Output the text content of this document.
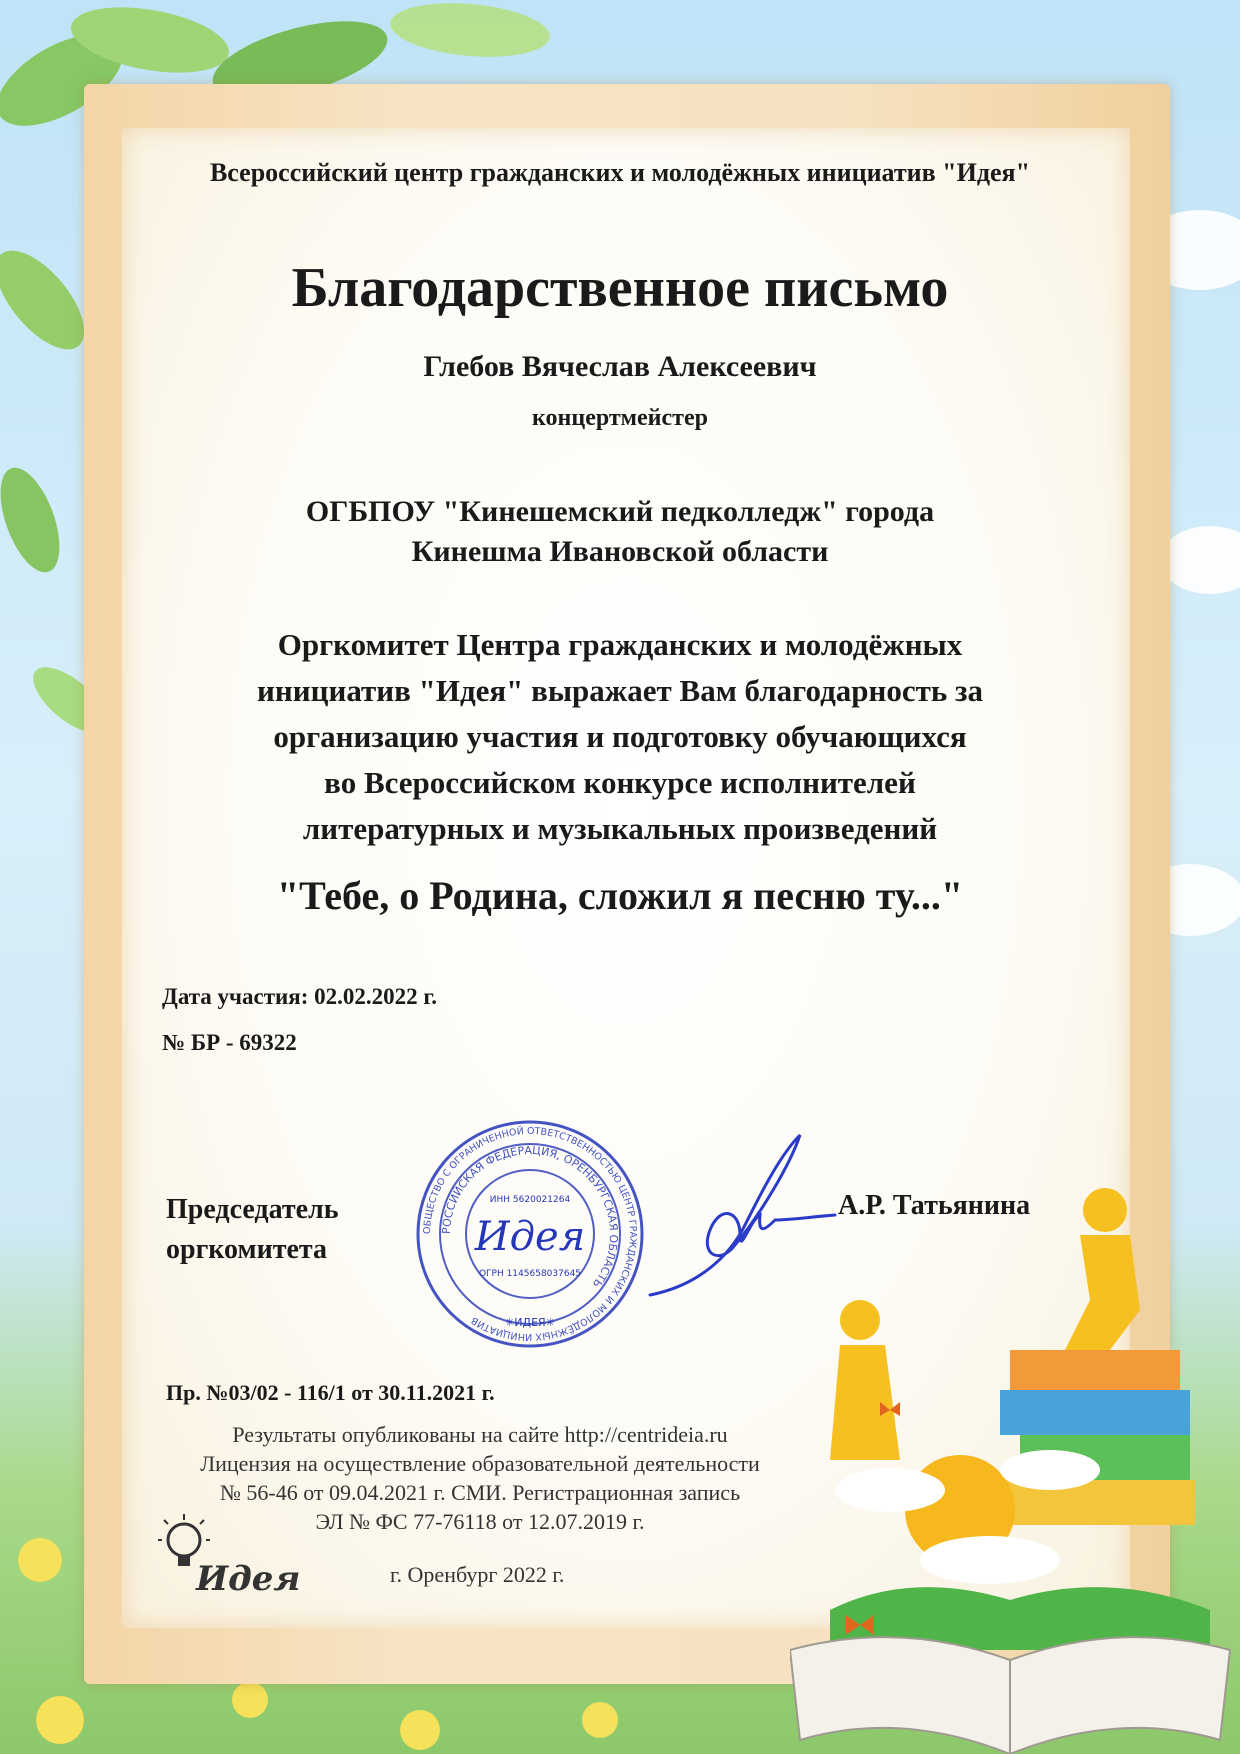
Всероссийский центр гражданских и молодёжных инициатив "Идея"
Благодарственное письмо
Глебов Вячеслав Алексеевич
концертмейстер
ОГБПОУ "Кинешемский педколледж" города
Кинешма Ивановской области
Оргкомитет Центра гражданских и молодёжных
инициатив "Идея" выражает Вам благодарность за
организацию участия и подготовку обучающихся
во Всероссийском конкурсе исполнителей
литературных и музыкальных произведений
"Тебе, о Родина, сложил я песню ту..."
Дата участия: 02.02.2022 г.
№ БР - 69322
Председатель
оргкомитета
А.Р. Татьянина
ОБЩЕСТВО С ОГРАНИЧЕННОЙ ОТВЕТСТВЕННОСТЬЮ ЦЕНТР ГРАЖДАНСКИХ И МОЛОДЁЖНЫХ ИНИЦИАТИВ
РОССИЙСКАЯ ФЕДЕРАЦИЯ, ОРЕНБУРГСКАЯ ОБЛАСТЬ
ИНН 5620021264
Идея
ОГРН 1145658037645
✳ИДЕЯ✳
Пр. №03/02 - 116/1 от 30.11.2021 г.
Результаты опубликованы на сайте http://centrideia.ru
Лицензия на осуществление образовательной деятельности
№ 56-46 от 09.04.2021 г. СМИ. Регистрационная запись
ЭЛ № ФС 77-76118 от 12.07.2019 г.
Идея	г. Оренбург 2022 г.
